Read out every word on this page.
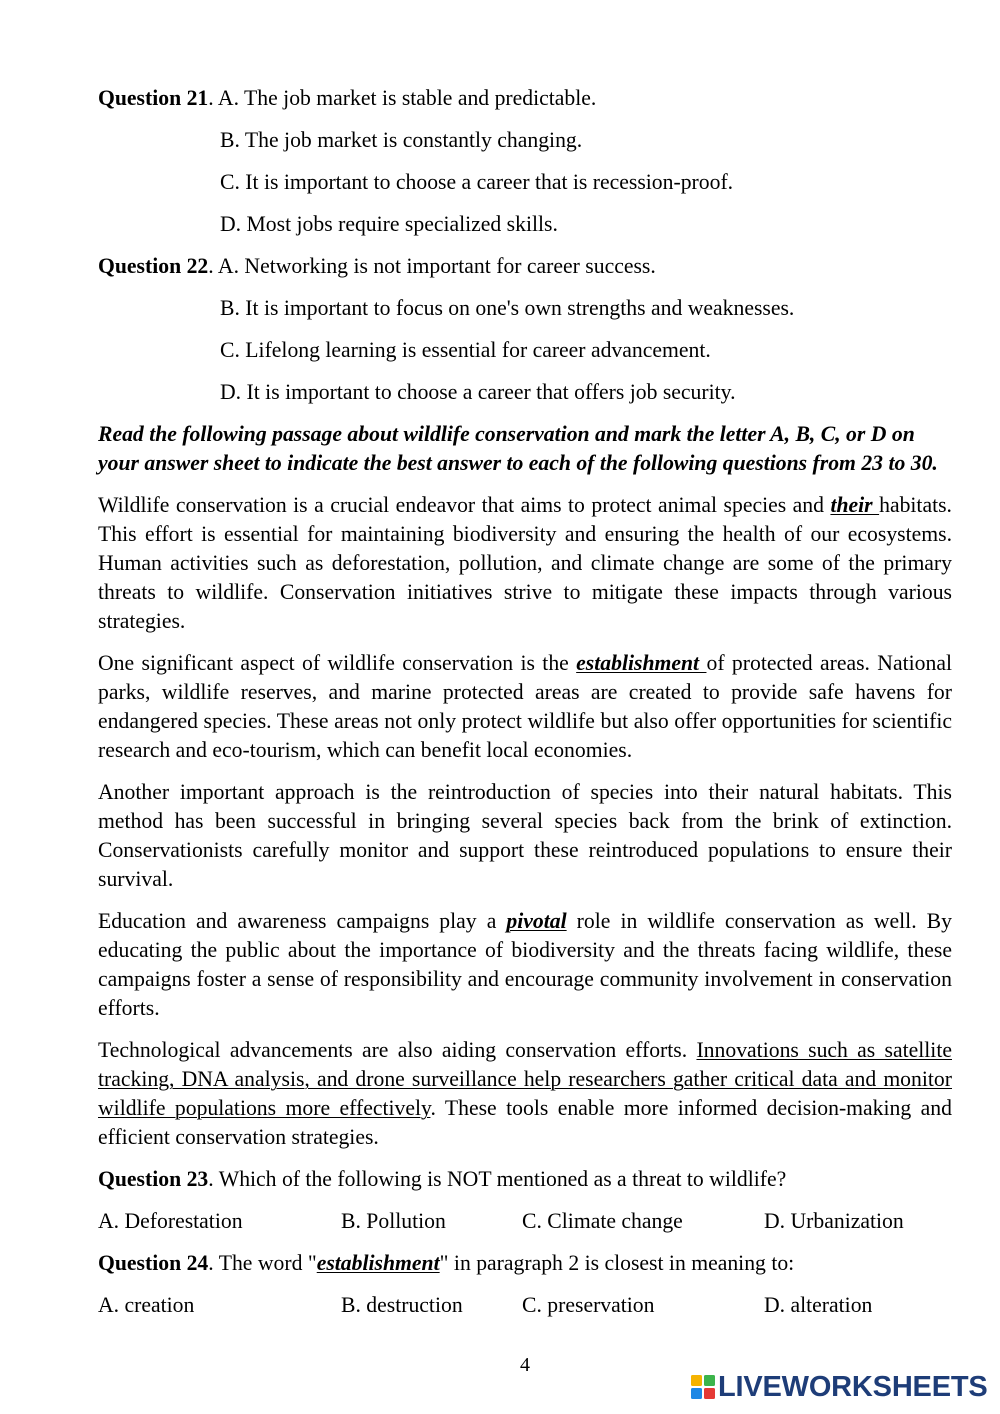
Question 21. A. The job market is stable and predictable.

B. The job market is constantly changing.

C. It is important to choose a career that is recession-proof.

D. Most jobs require specialized skills.

Question 22. A. Networking is not important for career success.

B. It is important to focus on one's own strengths and weaknesses.

C. Lifelong learning is essential for career advancement.

D. It is important to choose a career that offers job security.

Read the following passage about wildlife conservation and mark the letter A, B, C, or D on your answer sheet to indicate the best answer to each of the following questions from 23 to 30.

Wildlife conservation is a crucial endeavor that aims to protect animal species and their habitats. This effort is essential for maintaining biodiversity and ensuring the health of our ecosystems. Human activities such as deforestation, pollution, and climate change are some of the primary threats to wildlife. Conservation initiatives strive to mitigate these impacts through various strategies.

One significant aspect of wildlife conservation is the establishment of protected areas. National parks, wildlife reserves, and marine protected areas are created to provide safe havens for endangered species. These areas not only protect wildlife but also offer opportunities for scientific research and eco-tourism, which can benefit local economies.

Another important approach is the reintroduction of species into their natural habitats. This method has been successful in bringing several species back from the brink of extinction. Conservationists carefully monitor and support these reintroduced populations to ensure their survival.

Education and awareness campaigns play a pivotal role in wildlife conservation as well. By educating the public about the importance of biodiversity and the threats facing wildlife, these campaigns foster a sense of responsibility and encourage community involvement in conservation efforts.

Technological advancements are also aiding conservation efforts. Innovations such as satellite tracking, DNA analysis, and drone surveillance help researchers gather critical data and monitor wildlife populations more effectively. These tools enable more informed decision-making and efficient conservation strategies.

Question 23. Which of the following is NOT mentioned as a threat to wildlife?

A. Deforestation	B. Pollution	C. Climate change	D. Urbanization

Question 24. The word "establishment" in paragraph 2 is closest in meaning to:

A. creation	B. destruction	C. preservation	D. alteration
4
LIVEWORKSHEETS
